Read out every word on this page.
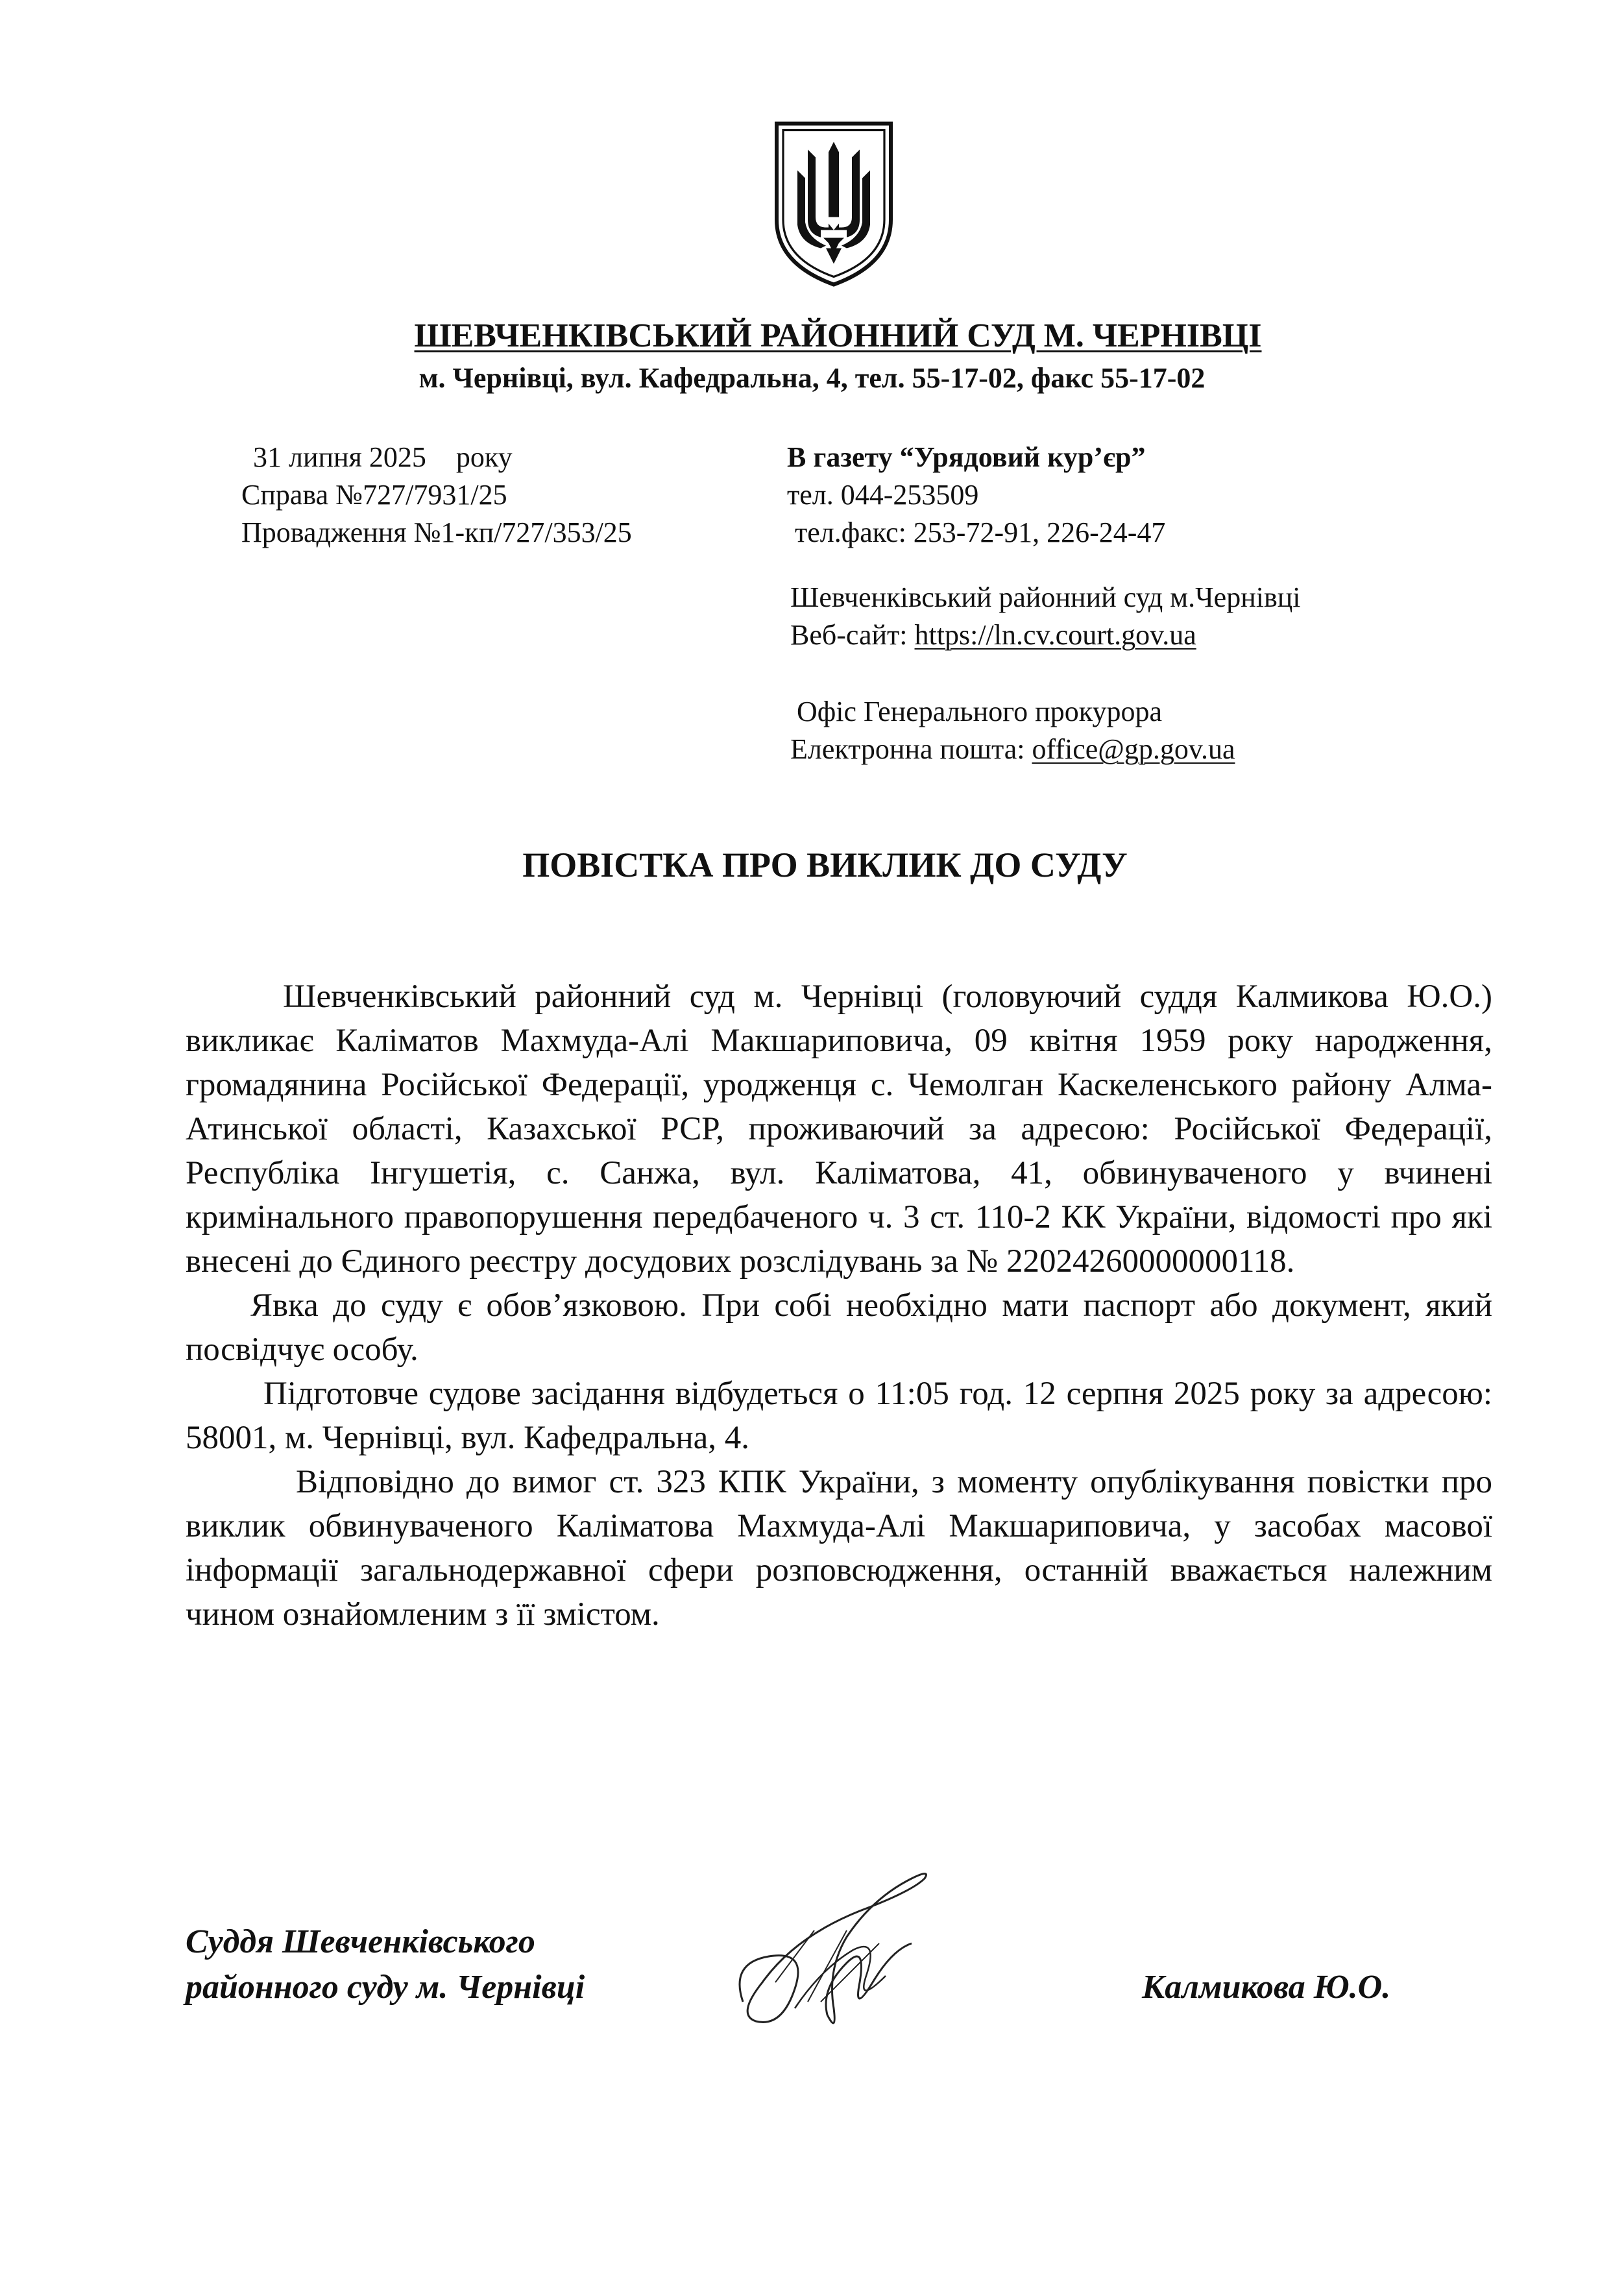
ШЕВЧЕНКІВСЬКИЙ РАЙОННИЙ СУД М. ЧЕРНІВЦІ
м. Чернівці, вул. Кафедральна, 4, тел. 55-17-02, факс 55-17-02
31 липня 2025 року
Справа №727/7931/25
Провадження №1-кп/727/353/25
В газету “Урядовий кур’єр”
тел. 044-253509
тел.факс: 253-72-91, 226-24-47
Шевченківський районний суд м.Чернівці
Веб-сайт: https://ln.cv.court.gov.ua
Офіс Генерального прокурора
Електронна пошта: office@gp.gov.ua
ПОВІСТКА ПРО ВИКЛИК ДО СУДУ

Шевченківський районний суд м. Чернівці (головуючий суддя Калмикова Ю.О.) викликає Каліматов Махмуда-Алі Макшариповича, 09 квітня 1959 року народження, громадянина Російської Федерації, уродженця с. Чемолган Каскеленського району Алма-Атинської області, Казахської РСР, проживаючий за адресою: Російської Федерації, Республіка Інгушетія, с. Санжа, вул. Каліматова, 41, обвинуваченого у вчинені кримінального правопорушення передбаченого ч. 3 ст. 110-2 КК України, відомості про які внесені до Єдиного реєстру досудових розслідувань за № 22024260000000118.

Явка до суду є обов’язковою. При собі необхідно мати паспорт або документ, який посвідчує особу.

Підготовче судове засідання відбудеться о 11:05 год. 12 серпня 2025 року за адресою: 58001, м. Чернівці, вул. Кафедральна, 4.

Відповідно до вимог ст. 323 КПК України, з моменту опублікування повістки про виклик обвинуваченого Каліматова Махмуда-Алі Макшариповича, у засобах масової інформації загальнодержавної сфери розповсюдження, останній вважається належним чином ознайомленим з її змістом.

Суддя Шевченківського
районного суду м. Чернівці	Калмикова Ю.О.
